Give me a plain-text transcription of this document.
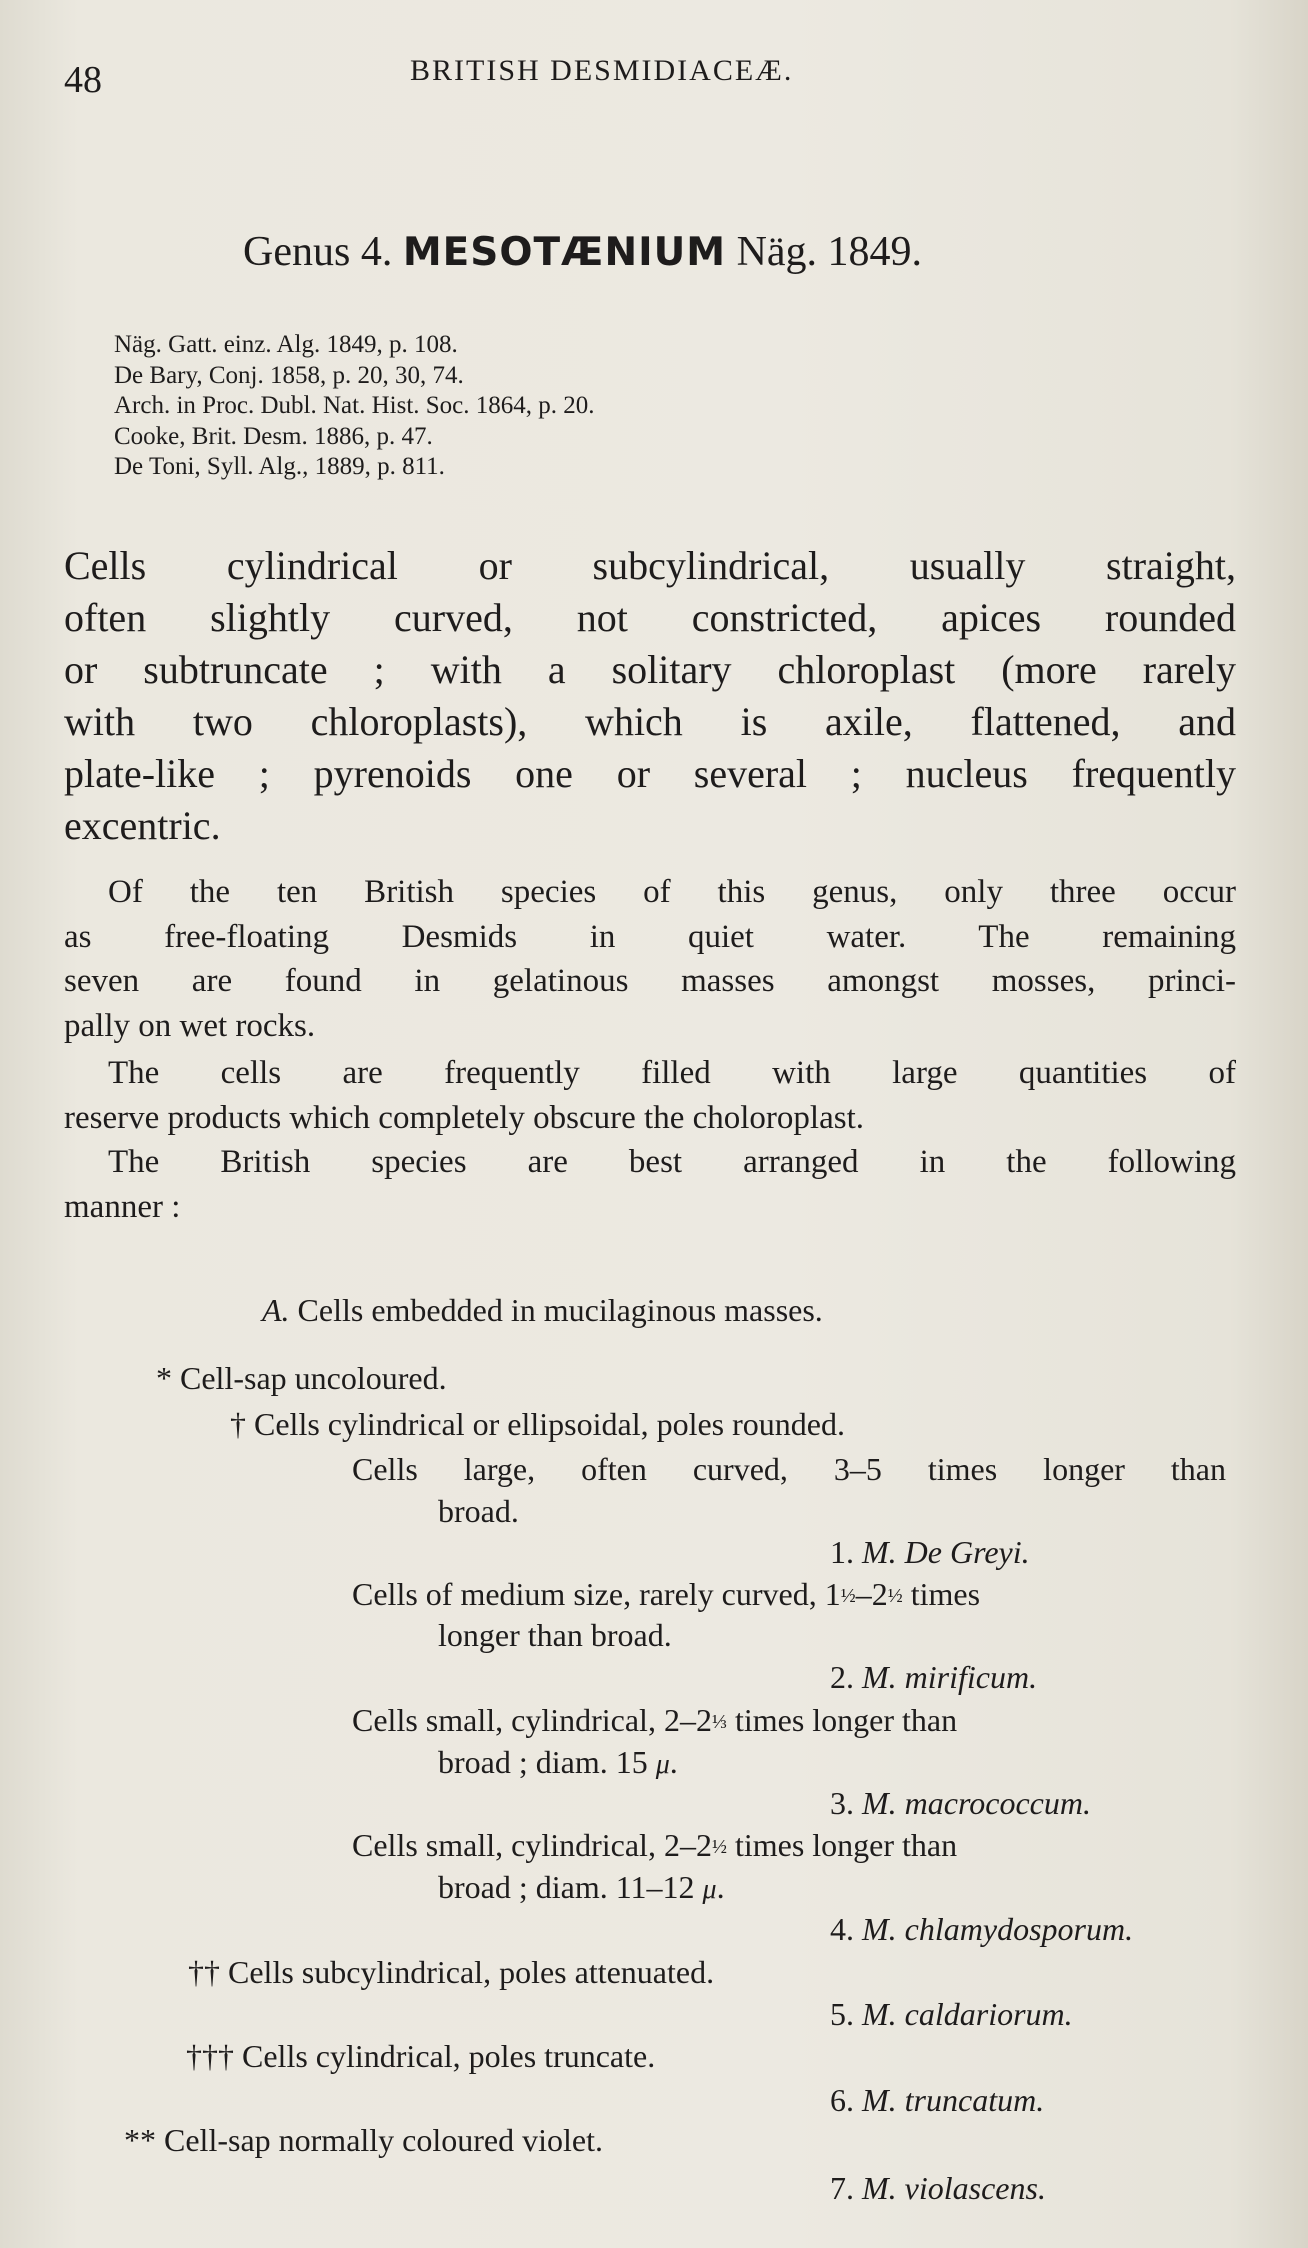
48	BRITISH DESMIDIACEÆ.
Genus 4. MESOTÆNIUM Näg. 1849.
Näg. Gatt. einz. Alg. 1849, p. 108.
De Bary, Conj. 1858, p. 20, 30, 74.
Arch. in Proc. Dubl. Nat. Hist. Soc. 1864, p. 20.
Cooke, Brit. Desm. 1886, p. 47.
De Toni, Syll. Alg., 1889, p. 811.
Cells cylindrical or subcylindrical, usually straight,
often slightly curved, not constricted, apices rounded
or subtruncate ; with a solitary chloroplast (more rarely
with two chloroplasts), which is axile, flattened, and
plate-like ; pyrenoids one or several ; nucleus frequently
excentric.
Of the ten British species of this genus, only three occur
as free-floating Desmids in quiet water. The remaining
seven are found in gelatinous masses amongst mosses, princi-
pally on wet rocks.
The cells are frequently filled with large quantities of
reserve products which completely obscure the choloroplast.
The British species are best arranged in the following
manner :
A. Cells embedded in mucilaginous masses.
* Cell-sap uncoloured.
† Cells cylindrical or ellipsoidal, poles rounded.
Cells large, often curved, 3–5 times longer than
broad.
1. M. De Greyi.
Cells of medium size, rarely curved, 1½–2½ times
longer than broad.
2. M. mirificum.
Cells small, cylindrical, 2–2⅓ times longer than
broad ; diam. 15 μ.
3. M. macrococcum.
Cells small, cylindrical, 2–2½ times longer than
broad ; diam. 11–12 μ.
4. M. chlamydosporum.
†† Cells subcylindrical, poles attenuated.
5. M. caldariorum.
††† Cells cylindrical, poles truncate.
6. M. truncatum.
** Cell-sap normally coloured violet.
7. M. violascens.
